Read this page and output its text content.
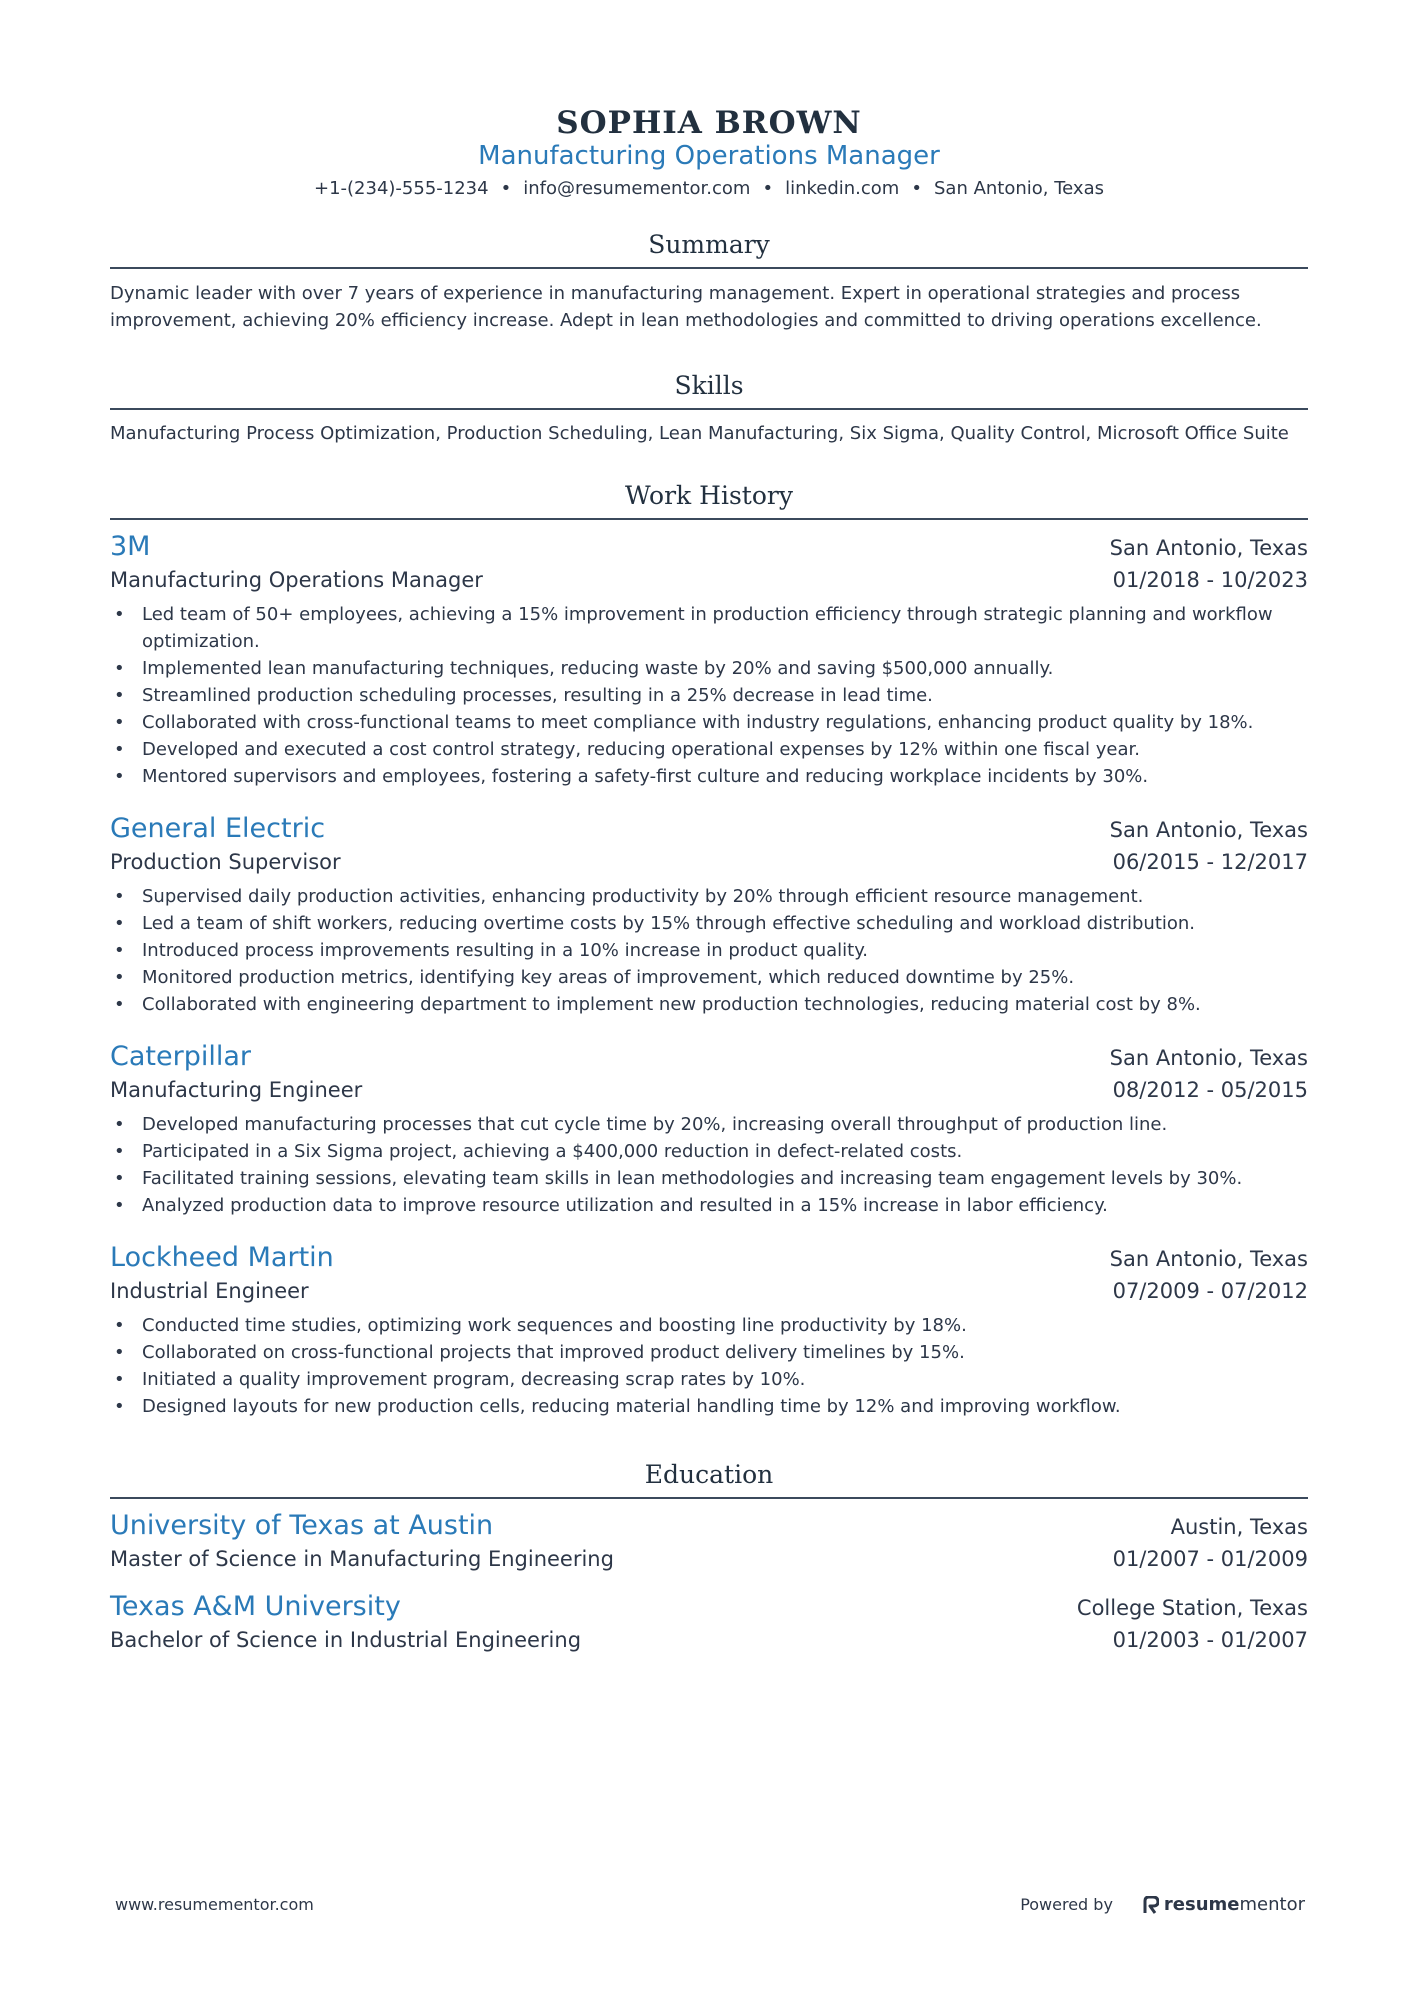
SOPHIA BROWN
Manufacturing Operations Manager
+1-(234)-555-1234 • info@resumementor.com • linkedin.com • San Antonio, Texas
Summary
Dynamic leader with over 7 years of experience in manufacturing management. Expert in operational strategies and process improvement, achieving 20% efficiency increase. Adept in lean methodologies and committed to driving operations excellence.
Skills
Manufacturing Process Optimization, Production Scheduling, Lean Manufacturing, Six Sigma, Quality Control, Microsoft Office Suite
Work History
3M	San Antonio, Texas
Manufacturing Operations Manager	01/2018 - 10/2023
• Led team of 50+ employees, achieving a 15% improvement in production efficiency through strategic planning and workflow optimization.
• Implemented lean manufacturing techniques, reducing waste by 20% and saving $500,000 annually.
• Streamlined production scheduling processes, resulting in a 25% decrease in lead time.
• Collaborated with cross-functional teams to meet compliance with industry regulations, enhancing product quality by 18%.
• Developed and executed a cost control strategy, reducing operational expenses by 12% within one fiscal year.
• Mentored supervisors and employees, fostering a safety-first culture and reducing workplace incidents by 30%.
General Electric	San Antonio, Texas
Production Supervisor	06/2015 - 12/2017
• Supervised daily production activities, enhancing productivity by 20% through efficient resource management.
• Led a team of shift workers, reducing overtime costs by 15% through effective scheduling and workload distribution.
• Introduced process improvements resulting in a 10% increase in product quality.
• Monitored production metrics, identifying key areas of improvement, which reduced downtime by 25%.
• Collaborated with engineering department to implement new production technologies, reducing material cost by 8%.
Caterpillar	San Antonio, Texas
Manufacturing Engineer	08/2012 - 05/2015
• Developed manufacturing processes that cut cycle time by 20%, increasing overall throughput of production line.
• Participated in a Six Sigma project, achieving a $400,000 reduction in defect-related costs.
• Facilitated training sessions, elevating team skills in lean methodologies and increasing team engagement levels by 30%.
• Analyzed production data to improve resource utilization and resulted in a 15% increase in labor efficiency.
Lockheed Martin	San Antonio, Texas
Industrial Engineer	07/2009 - 07/2012
• Conducted time studies, optimizing work sequences and boosting line productivity by 18%.
• Collaborated on cross-functional projects that improved product delivery timelines by 15%.
• Initiated a quality improvement program, decreasing scrap rates by 10%.
• Designed layouts for new production cells, reducing material handling time by 12% and improving workflow.
Education
University of Texas at Austin	Austin, Texas
Master of Science in Manufacturing Engineering	01/2007 - 01/2009
Texas A&M University	College Station, Texas
Bachelor of Science in Industrial Engineering	01/2003 - 01/2007
www.resumementor.com	Powered by	resumementor
